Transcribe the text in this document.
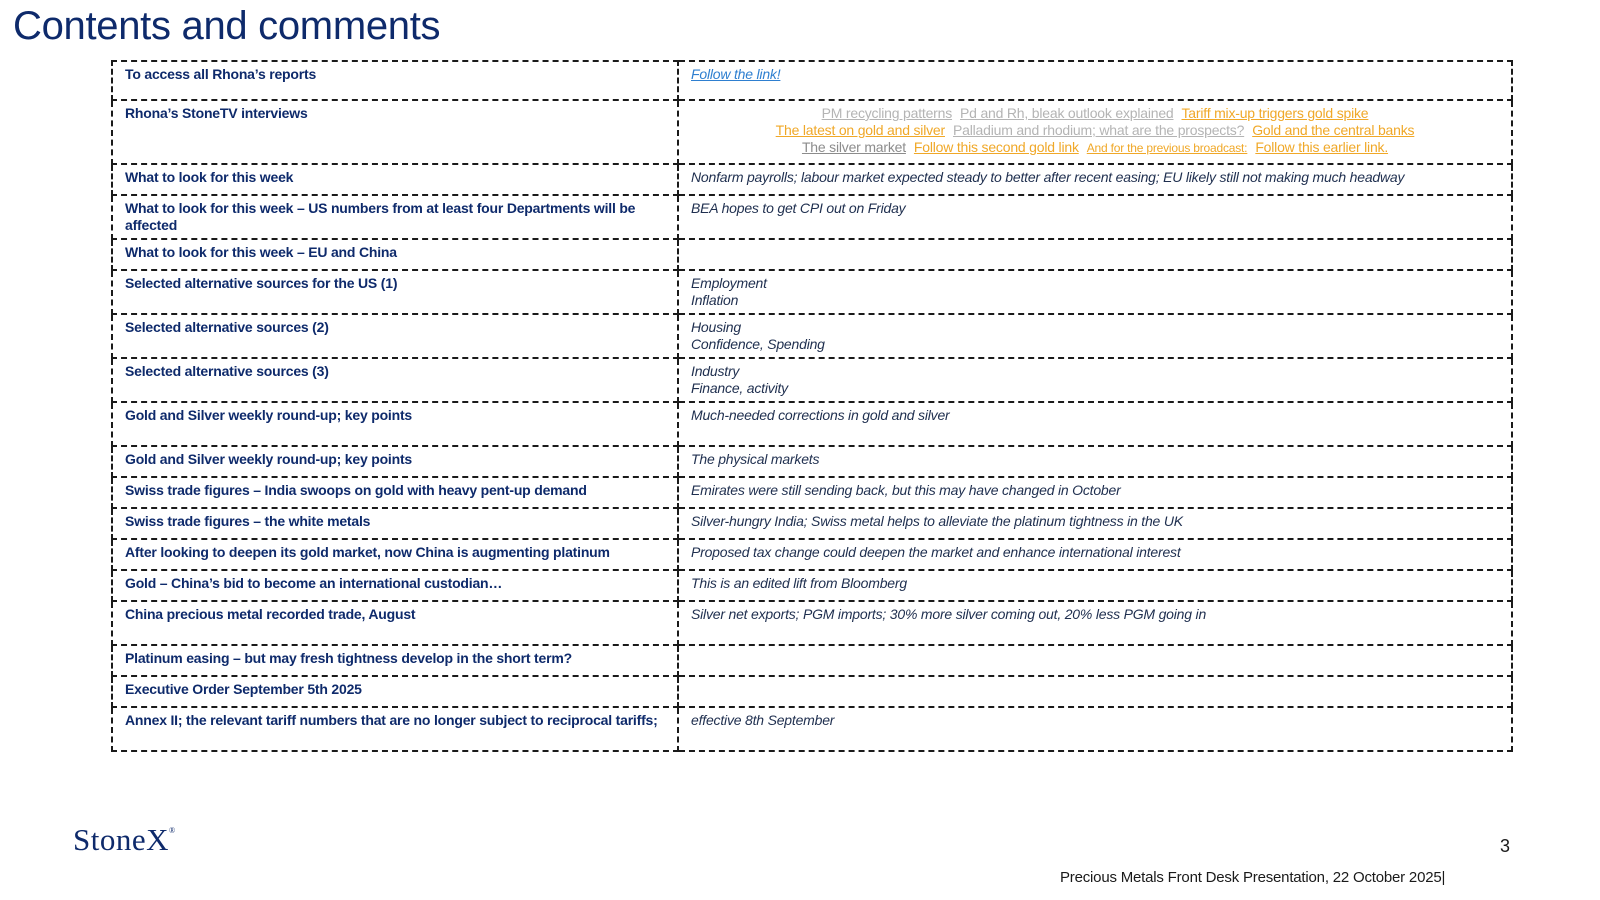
Contents and comments
To access all Rhona’s reports	Follow the link!
Rhona’s StoneTV interviews	PM recycling patterns Pd and Rh, bleak outlook explained Tariff mix-up triggers gold spike
The latest on gold and silver Palladium and rhodium; what are the prospects? Gold and the central banks
The silver market Follow this second gold link And for the previous broadcast: Follow this earlier link.

What to look for this week	Nonfarm payrolls; labour market expected steady to better after recent easing; EU likely still not making much headway
What to look for this week – US numbers from at least four Departments will be affected	BEA hopes to get CPI out on Friday
What to look for this week – EU and China	
Selected alternative sources for the US (1)	Employment
Inflation

Selected alternative sources (2)	Housing
Confidence, Spending

Selected alternative sources (3)	Industry
Finance, activity

Gold and Silver weekly round-up; key points	Much-needed corrections in gold and silver
Gold and Silver weekly round-up; key points	The physical markets
Swiss trade figures – India swoops on gold with heavy pent-up demand	Emirates were still sending back, but this may have changed in October
Swiss trade figures – the white metals	Silver-hungry India; Swiss metal helps to alleviate the platinum tightness in the UK
After looking to deepen its gold market, now China is augmenting platinum	Proposed tax change could deepen the market and enhance international interest
Gold – China’s bid to become an international custodian…	This is an edited lift from Bloomberg
China precious metal recorded trade, August	Silver net exports; PGM imports; 30% more silver coming out, 20% less PGM going in
Platinum easing – but may fresh tightness develop in the short term?	
Executive Order September 5th 2025	
Annex II; the relevant tariff numbers that are no longer subject to reciprocal tariffs;	effective 8th September
StoneX®
3
Precious Metals Front Desk Presentation, 22 October 2025|
